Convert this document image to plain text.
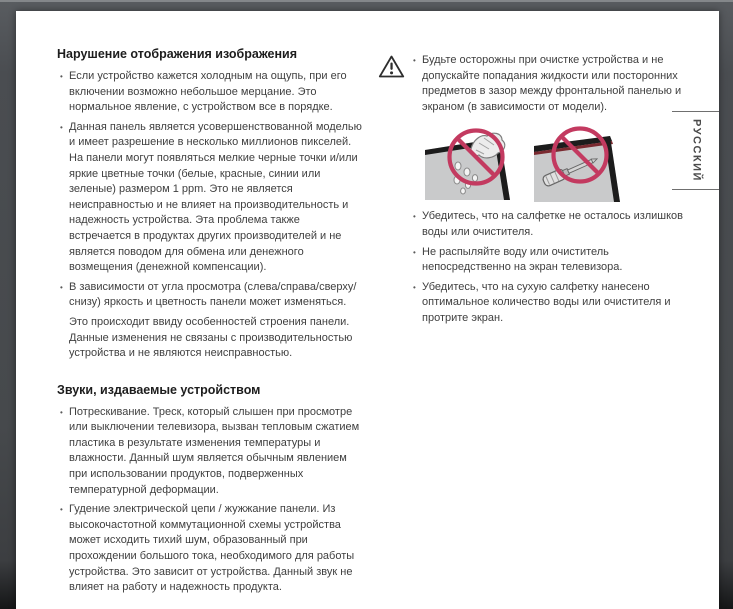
Нарушение отображения изображения
• Если устройство кажется холодным на ощупь, при его включении возможно небольшое мерцание. Это нормальное явление, с устройством все в порядке.
• Данная панель является усовершенствованной моделью и имеет разрешение в несколько миллионов пикселей. На панели могут появляться мелкие черные точки и/или яркие цветные точки (белые, красные, синии или зеленые) размером 1 ppm. Это не является неисправностью и не влияет на производительность и надежность устройства. Эта проблема также встречается в продуктах других производителей и не является поводом для обмена или денежного возмещения (денежной компенсации).
• В зависимости от угла просмотра (слева/справа/сверху/снизу) яркость и цветность панели может изменяться.
Это происходит ввиду особенностей строения панели. Данные изменения не связаны с производительностью устройства и не являются неисправностью.
Звуки, издаваемые устройством
• Потрескивание. Треск, который слышен при просмотре или выключении телевизора, вызван тепловым сжатием пластика в результате изменения температуры и влажности. Данный шум является обычным явлением при использовании продуктов, подверженных температурной деформации.
• Гудение электрической цепи / жужжание панели. Из высокочастотной коммутационной схемы устройства может исходить тихий шум, образованный при прохождении большого тока, необходимого для работы устройства. Это зависит от устройства. Данный звук не влияет на работу и надежность продукта.
• Будьте осторожны при очистке устройства и не допускайте попадания жидкости или посторонних предметов в зазор между фронтальной панелью и экраном (в зависимости от модели).
• Убедитесь, что на салфетке не осталось излишков воды или очистителя.
• Не распыляйте воду или очиститель непосредственно на экран телевизора.
• Убедитесь, что на сухую салфетку нанесено оптимальное количество воды или очистителя и протрите экран.
РУССКИЙ
